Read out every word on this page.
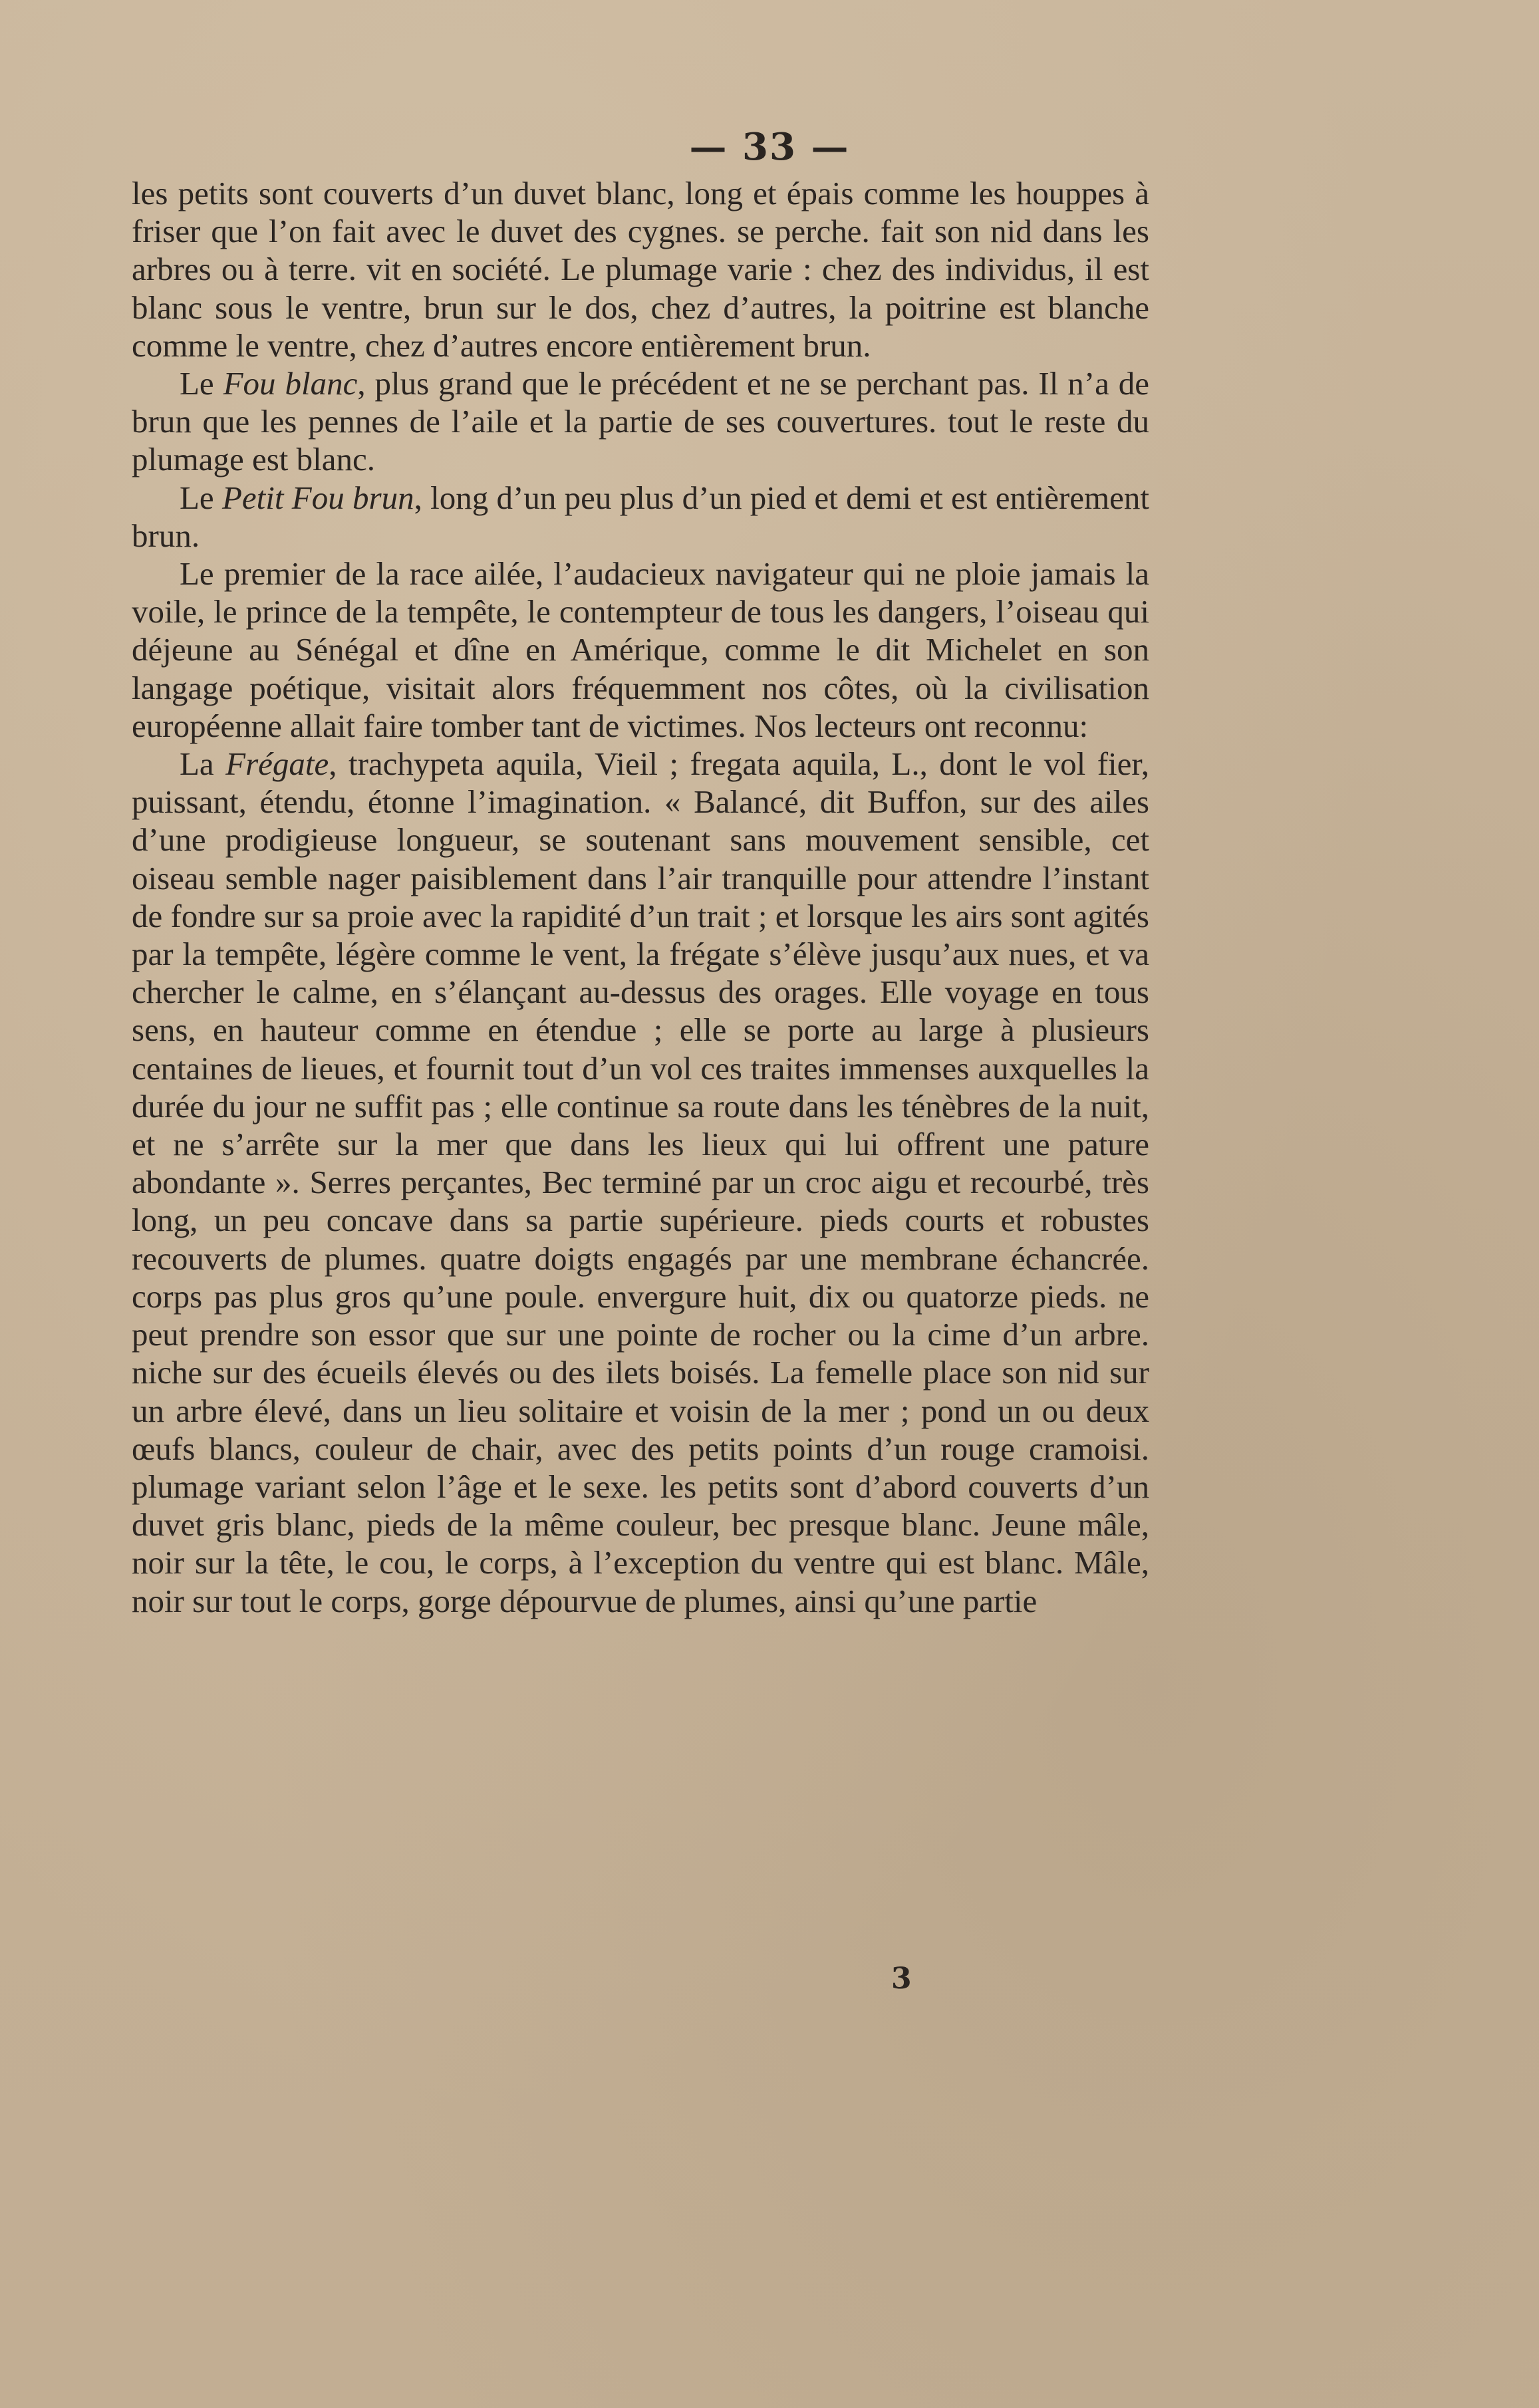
— 33 —

les petits sont couverts d’un duvet blanc, long et épais comme les houppes à friser que l’on fait avec le duvet des cygnes. se perche. fait son nid dans les arbres ou à terre. vit en société. Le plumage varie : chez des individus, il est blanc sous le ventre, brun sur le dos, chez d’autres, la poitrine est blanche comme le ventre, chez d’autres encore entièrement brun.

Le Fou blanc, plus grand que le précédent et ne se perchant pas. Il n’a de brun que les pennes de l’aile et la partie de ses couvertures. tout le reste du plumage est blanc.

Le Petit Fou brun, long d’un peu plus d’un pied et demi et est entièrement brun.

Le premier de la race ailée, l’audacieux navigateur qui ne ploie jamais la voile, le prince de la tempête, le contempteur de tous les dangers, l’oiseau qui déjeune au Sénégal et dîne en Amérique, comme le dit Michelet en son langage poétique, visitait alors fréquemment nos côtes, où la civilisation européenne allait faire tomber tant de victimes. Nos lecteurs ont reconnu:

La Frégate, trachypeta aquila, Vieil ; fregata aquila, L., dont le vol fier, puissant, étendu, étonne l’imagination. « Balancé, dit Buffon, sur des ailes d’une prodigieuse longueur, se soutenant sans mouvement sensible, cet oiseau semble nager paisiblement dans l’air tranquille pour attendre l’instant de fondre sur sa proie avec la rapidité d’un trait ; et lorsque les airs sont agités par la tempête, légère comme le vent, la frégate s’élève jusqu’aux nues, et va chercher le calme, en s’élançant au-dessus des orages. Elle voyage en tous sens, en hauteur comme en étendue ; elle se porte au large à plusieurs centaines de lieues, et fournit tout d’un vol ces traites immenses auxquelles la durée du jour ne suffit pas ; elle continue sa route dans les ténèbres de la nuit, et ne s’arrête sur la mer que dans les lieux qui lui offrent une pature abondante ». Serres perçantes, Bec terminé par un croc aigu et recourbé, très long, un peu concave dans sa partie supérieure. pieds courts et robustes recouverts de plumes. quatre doigts engagés par une membrane échancrée. corps pas plus gros qu’une poule. envergure huit, dix ou quatorze pieds. ne peut prendre son essor que sur une pointe de rocher ou la cime d’un arbre. niche sur des écueils élevés ou des ilets boisés. La femelle place son nid sur un arbre élevé, dans un lieu solitaire et voisin de la mer ; pond un ou deux œufs blancs, couleur de chair, avec des petits points d’un rouge cramoisi. plumage variant selon l’âge et le sexe. les petits sont d’abord couverts d’un duvet gris blanc, pieds de la même couleur, bec presque blanc. Jeune mâle, noir sur la tête, le cou, le corps, à l’exception du ventre qui est blanc. Mâle, noir sur tout le corps, gorge dépourvue de plumes, ainsi qu’une partie

3
